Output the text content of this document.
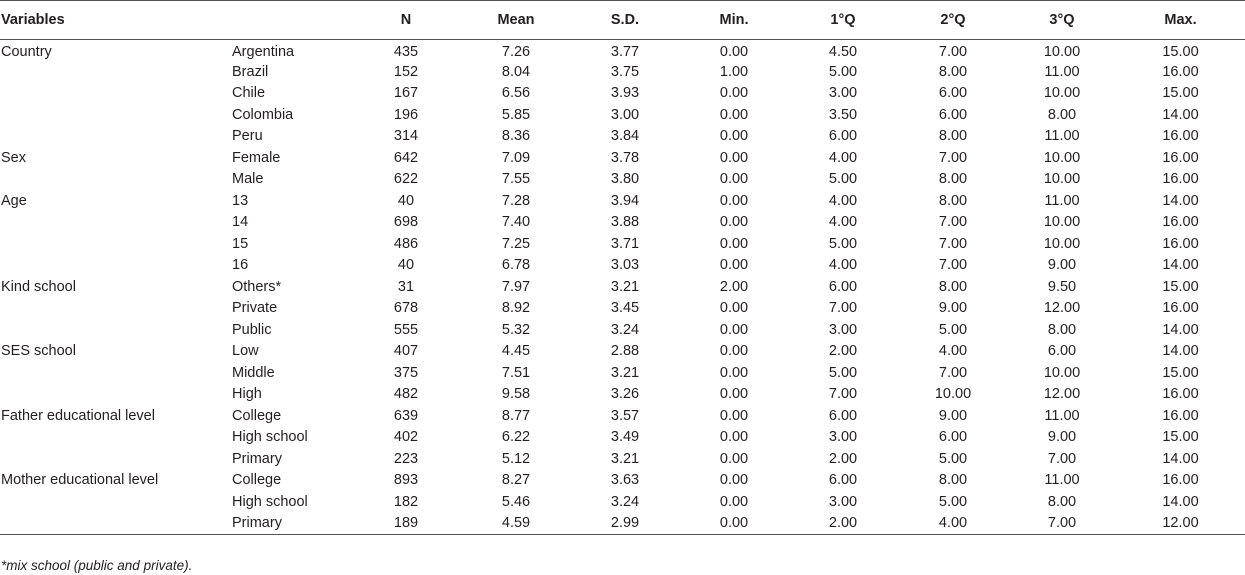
Variables		N	Mean	S.D.	Min.	1°Q	2°Q	3°Q	Max.
Country	Argentina	435	7.26	3.77	0.00	4.50	7.00	10.00	15.00
	Brazil	152	8.04	3.75	1.00	5.00	8.00	11.00	16.00
	Chile	167	6.56	3.93	0.00	3.00	6.00	10.00	15.00
	Colombia	196	5.85	3.00	0.00	3.50	6.00	8.00	14.00
	Peru	314	8.36	3.84	0.00	6.00	8.00	11.00	16.00
Sex	Female	642	7.09	3.78	0.00	4.00	7.00	10.00	16.00
	Male	622	7.55	3.80	0.00	5.00	8.00	10.00	16.00
Age	13	40	7.28	3.94	0.00	4.00	8.00	11.00	14.00
	14	698	7.40	3.88	0.00	4.00	7.00	10.00	16.00
	15	486	7.25	3.71	0.00	5.00	7.00	10.00	16.00
	16	40	6.78	3.03	0.00	4.00	7.00	9.00	14.00
Kind school	Others*	31	7.97	3.21	2.00	6.00	8.00	9.50	15.00
	Private	678	8.92	3.45	0.00	7.00	9.00	12.00	16.00
	Public	555	5.32	3.24	0.00	3.00	5.00	8.00	14.00
SES school	Low	407	4.45	2.88	0.00	2.00	4.00	6.00	14.00
	Middle	375	7.51	3.21	0.00	5.00	7.00	10.00	15.00
	High	482	9.58	3.26	0.00	7.00	10.00	12.00	16.00
Father educational level	College	639	8.77	3.57	0.00	6.00	9.00	11.00	16.00
	High school	402	6.22	3.49	0.00	3.00	6.00	9.00	15.00
	Primary	223	5.12	3.21	0.00	2.00	5.00	7.00	14.00
Mother educational level	College	893	8.27	3.63	0.00	6.00	8.00	11.00	16.00
	High school	182	5.46	3.24	0.00	3.00	5.00	8.00	14.00
	Primary	189	4.59	2.99	0.00	2.00	4.00	7.00	12.00
*mix school (public and private).
